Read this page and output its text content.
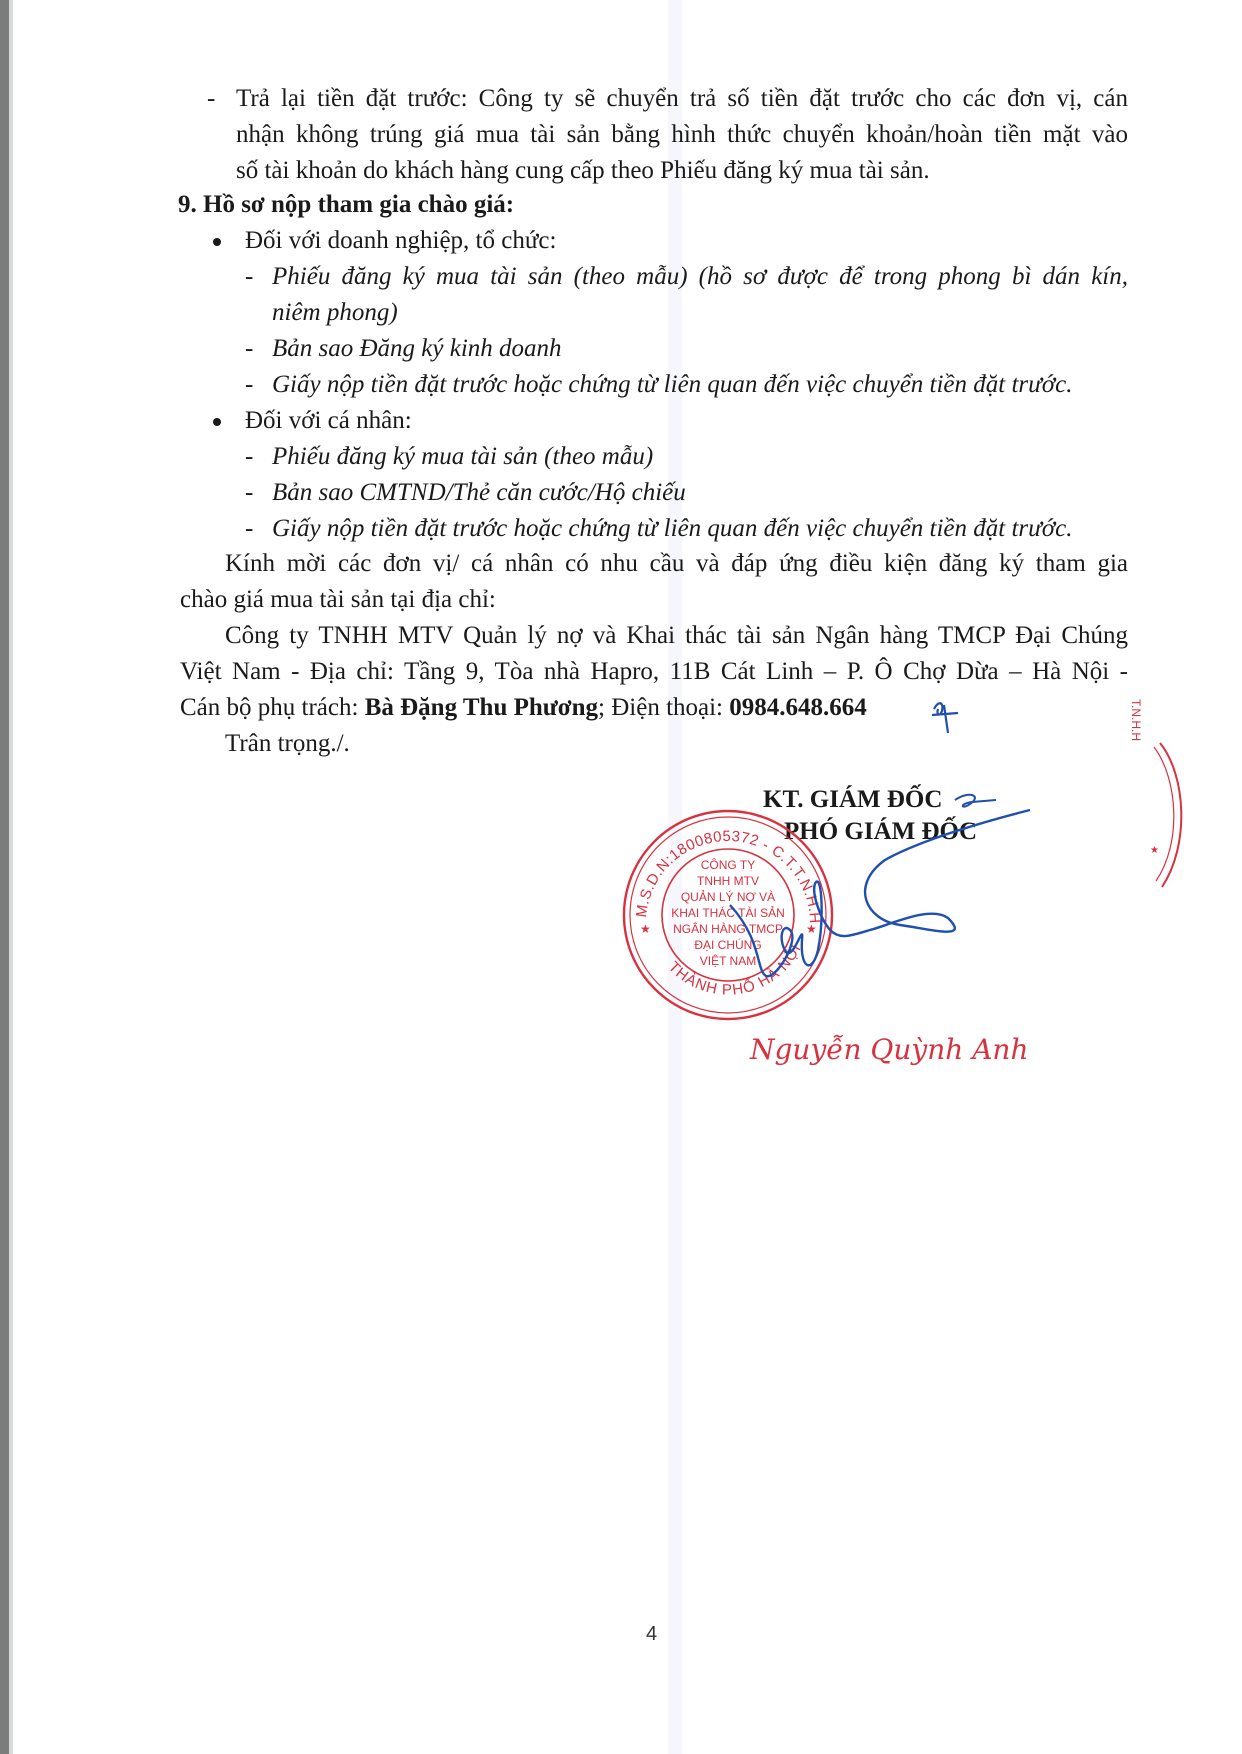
- Trả lại tiền đặt trước: Công ty sẽ chuyển trả số tiền đặt trước cho các đơn vị, cán
nhận không trúng giá mua tài sản bằng hình thức chuyển khoản/hoàn tiền mặt vào
số tài khoản do khách hàng cung cấp theo Phiếu đăng ký mua tài sản.
9. Hồ sơ nộp tham gia chào giá:
Đối với doanh nghiệp, tổ chức:
- Phiếu đăng ký mua tài sản (theo mẫu) (hồ sơ được để trong phong bì dán kín,
niêm phong)
- Bản sao Đăng ký kinh doanh
- Giấy nộp tiền đặt trước hoặc chứng từ liên quan đến việc chuyển tiền đặt trước.
Đối với cá nhân:
- Phiếu đăng ký mua tài sản (theo mẫu)
- Bản sao CMTND/Thẻ căn cước/Hộ chiếu
- Giấy nộp tiền đặt trước hoặc chứng từ liên quan đến việc chuyển tiền đặt trước.
Kính mời các đơn vị/ cá nhân có nhu cầu và đáp ứng điều kiện đăng ký tham gia
chào giá mua tài sản tại địa chỉ:
Công ty TNHH MTV Quản lý nợ và Khai thác tài sản Ngân hàng TMCP Đại Chúng
Việt Nam - Địa chỉ: Tầng 9, Tòa nhà Hapro, 11B Cát Linh – P. Ô Chợ Dừa – Hà Nội -
Cán bộ phụ trách: Bà Đặng Thu Phương; Điện thoại: 0984.648.664
Trân trọng./.
KT. GIÁM ĐỐC
PHÓ GIÁM ĐỐC
M.S.D.N:1800805372 - C.T.T.N.H.H
THÀNH PHỐ HÀ NỘI
★	★
CÔNG TY
TNHH MTV
QUẢN LÝ NỢ VÀ
KHAI THÁC TÀI SẢN
NGÂN HÀNG TMCP
ĐẠI CHÚNG
VIỆT NAM
Nguyễn Quỳnh Anh
T.N.H.H
★
4
